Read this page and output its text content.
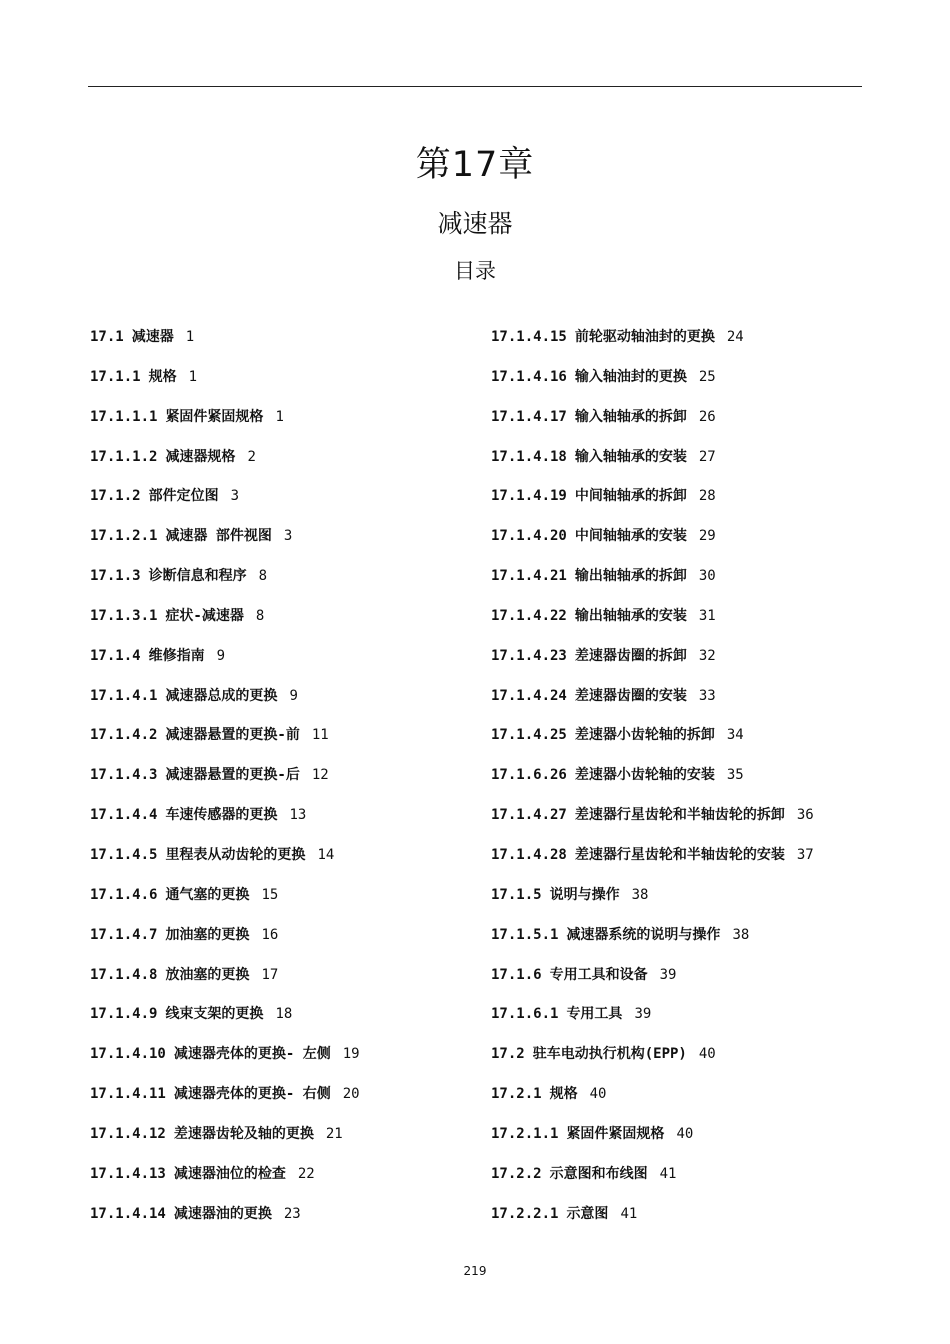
第17章
减速器
目录
17.1 减速器 1
17.1.1 规格 1
17.1.1.1 紧固件紧固规格 1
17.1.1.2 减速器规格 2
17.1.2 部件定位图 3
17.1.2.1 减速器 部件视图 3
17.1.3 诊断信息和程序 8
17.1.3.1 症状-减速器 8
17.1.4 维修指南 9
17.1.4.1 减速器总成的更换 9
17.1.4.2 减速器悬置的更换-前 11
17.1.4.3 减速器悬置的更换-后 12
17.1.4.4 车速传感器的更换 13
17.1.4.5 里程表从动齿轮的更换 14
17.1.4.6 通气塞的更换 15
17.1.4.7 加油塞的更换 16
17.1.4.8 放油塞的更换 17
17.1.4.9 线束支架的更换 18
17.1.4.10 减速器壳体的更换- 左侧 19
17.1.4.11 减速器壳体的更换- 右侧 20
17.1.4.12 差速器齿轮及轴的更换 21
17.1.4.13 减速器油位的检查 22
17.1.4.14 减速器油的更换 23
17.1.4.15 前轮驱动轴油封的更换 24
17.1.4.16 输入轴油封的更换 25
17.1.4.17 输入轴轴承的拆卸 26
17.1.4.18 输入轴轴承的安装 27
17.1.4.19 中间轴轴承的拆卸 28
17.1.4.20 中间轴轴承的安装 29
17.1.4.21 输出轴轴承的拆卸 30
17.1.4.22 输出轴轴承的安装 31
17.1.4.23 差速器齿圈的拆卸 32
17.1.4.24 差速器齿圈的安装 33
17.1.4.25 差速器小齿轮轴的拆卸 34
17.1.6.26 差速器小齿轮轴的安装 35
17.1.4.27 差速器行星齿轮和半轴齿轮的拆卸 36
17.1.4.28 差速器行星齿轮和半轴齿轮的安装 37
17.1.5 说明与操作 38
17.1.5.1 减速器系统的说明与操作 38
17.1.6 专用工具和设备 39
17.1.6.1 专用工具 39
17.2 驻车电动执行机构(EPP) 40
17.2.1 规格 40
17.2.1.1 紧固件紧固规格 40
17.2.2 示意图和布线图 41
17.2.2.1 示意图 41
219
